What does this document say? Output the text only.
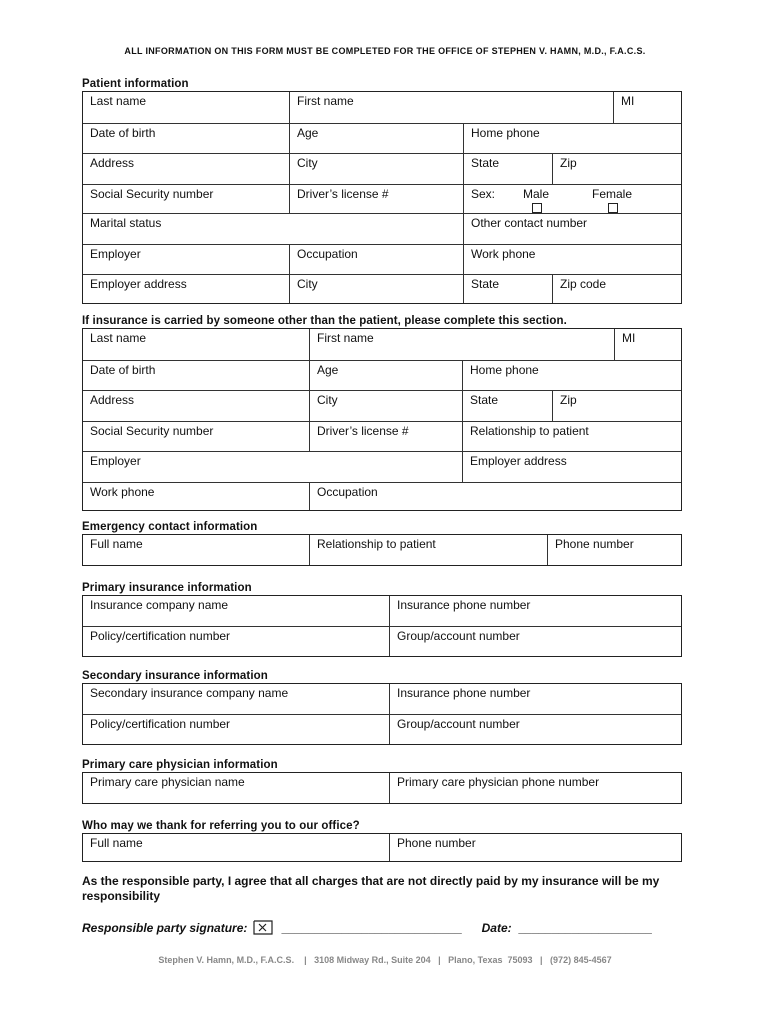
ALL INFORMATION ON THIS FORM MUST BE COMPLETED FOR THE OFFICE OF STEPHEN V. HAMN, M.D., F.A.C.S.
Patient information
Last name	First name	MI
Date of birth	Age	Home phone
Address	City	State	Zip
Social Security number	Driver’s license #	Sex: Male	Female
Marital status	Other contact number
Employer	Occupation	Work phone
Employer address	City	State	Zip code
If insurance is carried by someone other than the patient, please complete this section.
Last name	First name	MI
Date of birth	Age	Home phone
Address	City	State	Zip
Social Security number	Driver’s license #	Relationship to patient
Employer	Employer address
Work phone	Occupation
Emergency contact information
Full name	Relationship to patient	Phone number
Primary insurance information
Insurance company name	Insurance phone number
Policy/certification number	Group/account number
Secondary insurance information
Secondary insurance company name	Insurance phone number
Policy/certification number	Group/account number
Primary care physician information
Primary care physician name	Primary care physician phone number
Who may we thank for referring you to our office?
Full name	Phone number
As the responsible party, I agree that all charges that are not directly paid by my insurance will be my responsibility
Responsible party signature:	___________________________ Date: ____________________
Stephen V. Hamn, M.D., F.A.C.S.    |   3108 Midway Rd., Suite 204   |   Plano, Texas  75093   |   (972) 845-4567
